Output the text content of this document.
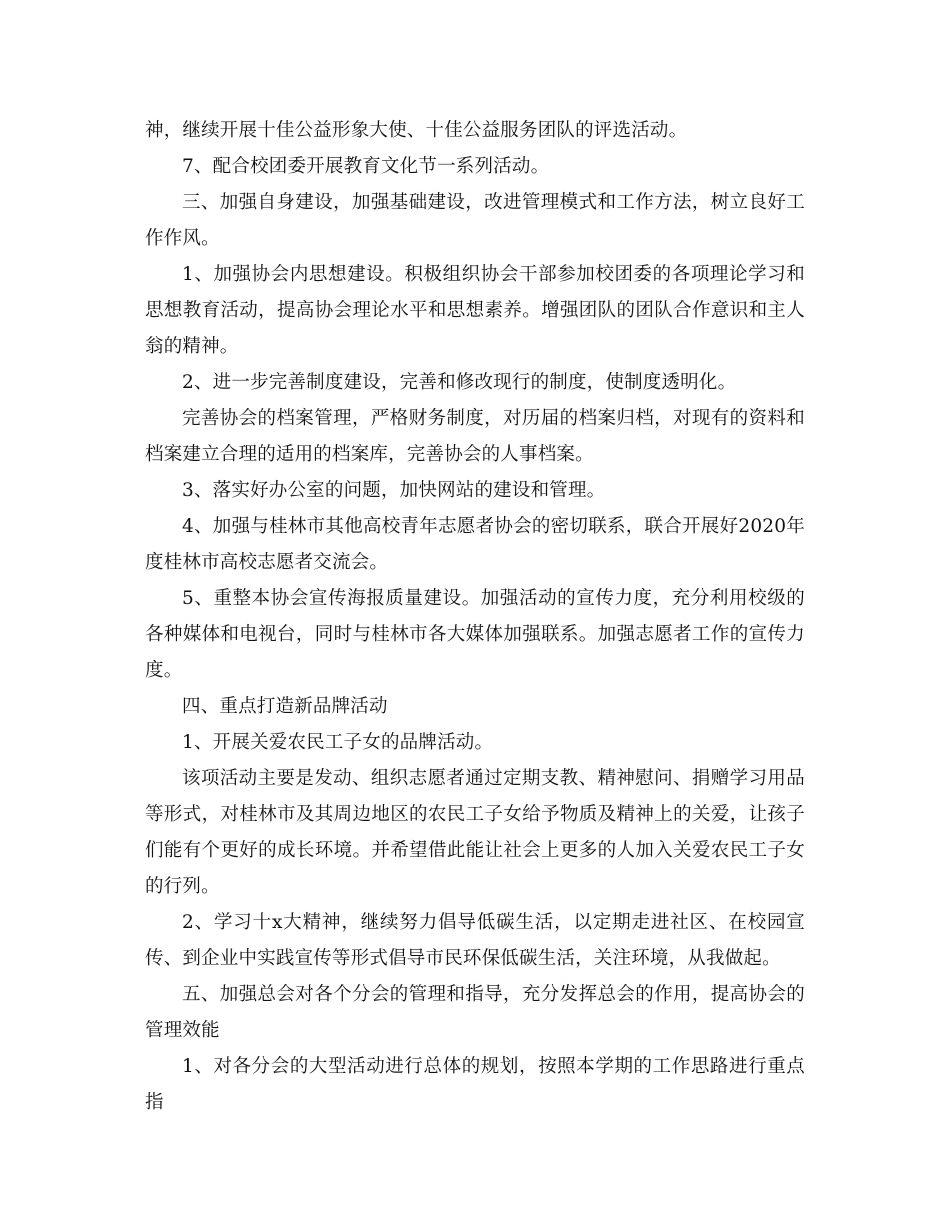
神，继续开展十佳公益形象大使、十佳公益服务团队的评选活动。

7、配合校团委开展教育文化节一系列活动。

三、加强自身建设，加强基础建设，改进管理模式和工作方法，树立良好工作作风。

1、加强协会内思想建设。积极组织协会干部参加校团委的各项理论学习和思想教育活动，提高协会理论水平和思想素养。增强团队的团队合作意识和主人翁的精神。

2、进一步完善制度建设，完善和修改现行的制度，使制度透明化。

完善协会的档案管理，严格财务制度，对历届的档案归档，对现有的资料和档案建立合理的适用的档案库，完善协会的人事档案。

3、落实好办公室的问题，加快网站的建设和管理。

4、加强与桂林市其他高校青年志愿者协会的密切联系，联合开展好2020年度桂林市高校志愿者交流会。

5、重整本协会宣传海报质量建设。加强活动的宣传力度，充分利用校级的各种媒体和电视台，同时与桂林市各大媒体加强联系。加强志愿者工作的宣传力度。

四、重点打造新品牌活动

1、开展关爱农民工子女的品牌活动。

该项活动主要是发动、组织志愿者通过定期支教、精神慰问、捐赠学习用品等形式，对桂林市及其周边地区的农民工子女给予物质及精神上的关爱，让孩子们能有个更好的成长环境。并希望借此能让社会上更多的人加入关爱农民工子女的行列。

2、学习十x大精神，继续努力倡导低碳生活，以定期走进社区、在校园宣传、到企业中实践宣传等形式倡导市民环保低碳生活，关注环境，从我做起。

五、加强总会对各个分会的管理和指导，充分发挥总会的作用，提高协会的管理效能

1、对各分会的大型活动进行总体的规划，按照本学期的工作思路进行重点指
